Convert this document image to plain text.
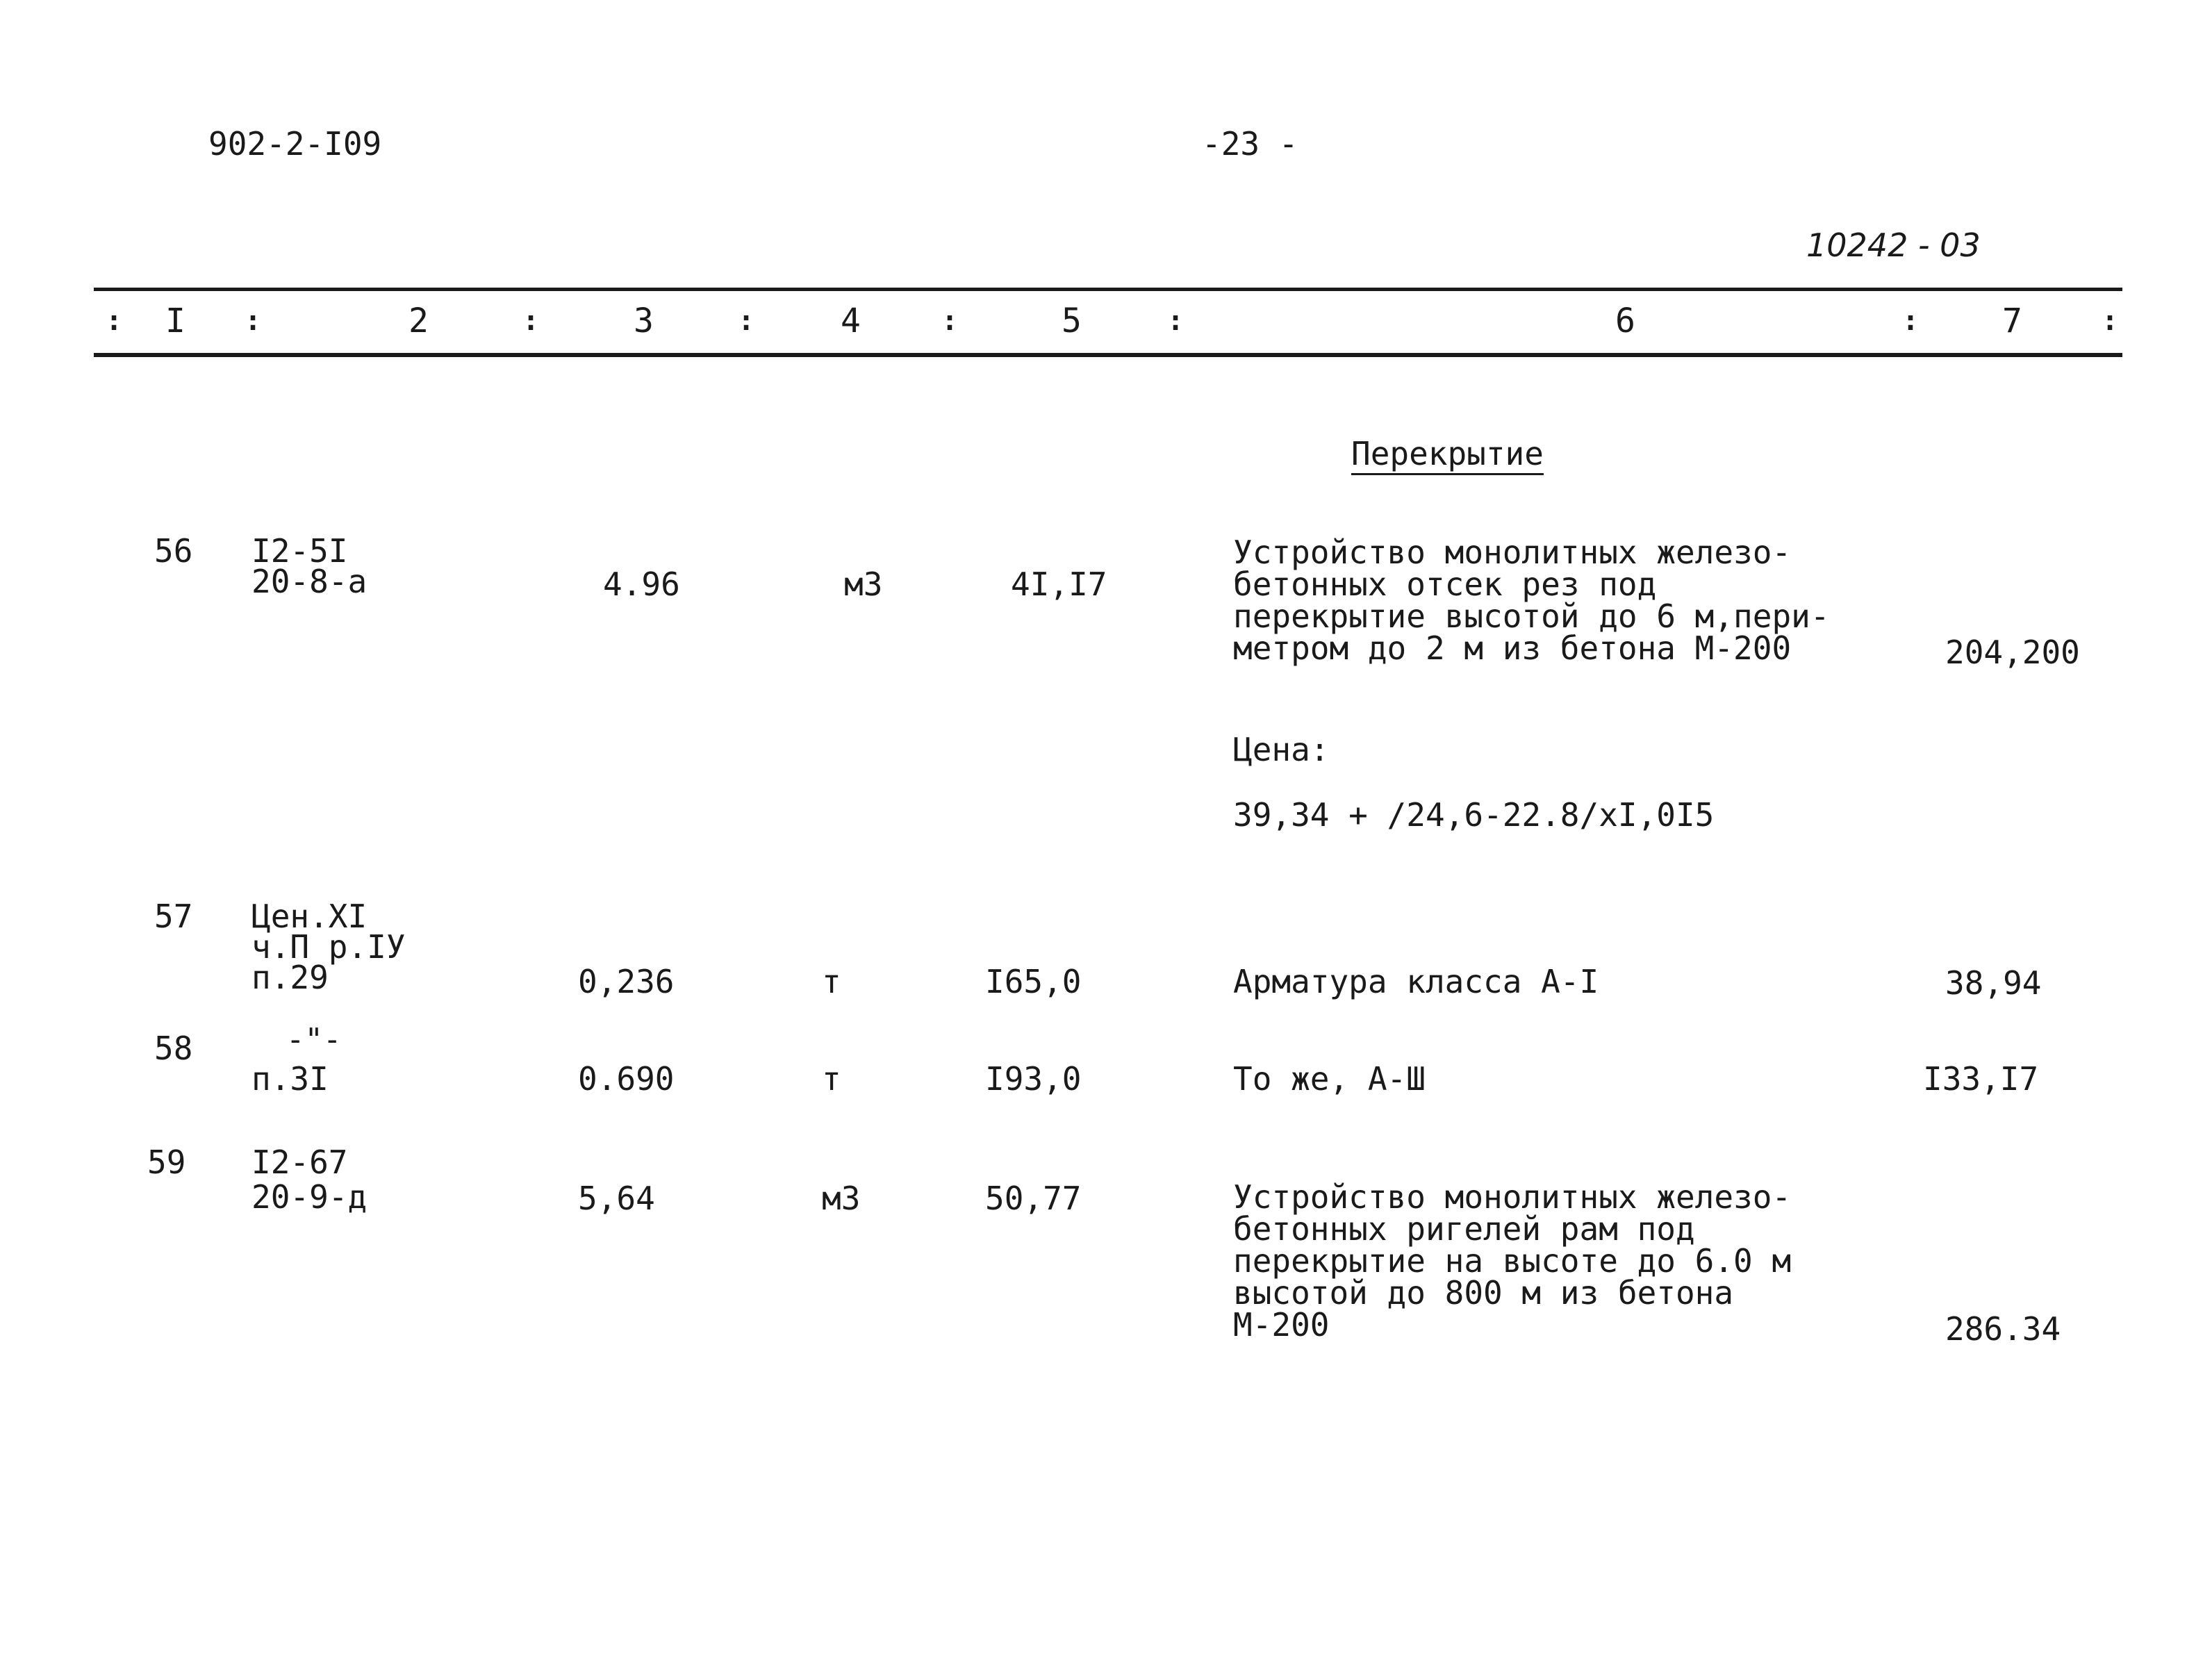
902-2-I09	-23 -
10242 - 03
:	:	:	:	:	:	:	:
I	2	3	4	5	6	7
Перекрытие
56 I2-5I
20-8-a	4.96	м3	4I,I7
Устройство монолитных железо-
бетонных отсек рез под
перекрытие высотой до 6 м,пери-
метром до 2 м из бетона М-200	204,200
Цена:
39,34 + /24,6-22.8/xI,0I5
57 Цен.XI
ч.П р.IУ
п.29	0,236	т	I65,0	Арматура класса А-I	38,94
58	-"-
п.3I	0.690	т	I93,0	То же, А-Ш	I33,I7
59 I2-67
20-9-д	5,64	м3	50,77	Устройство монолитных железо-
бетонных ригелей рам под
перекрытие на высоте до 6.0 м
высотой до 800 м из бетона
М-200	286.34
